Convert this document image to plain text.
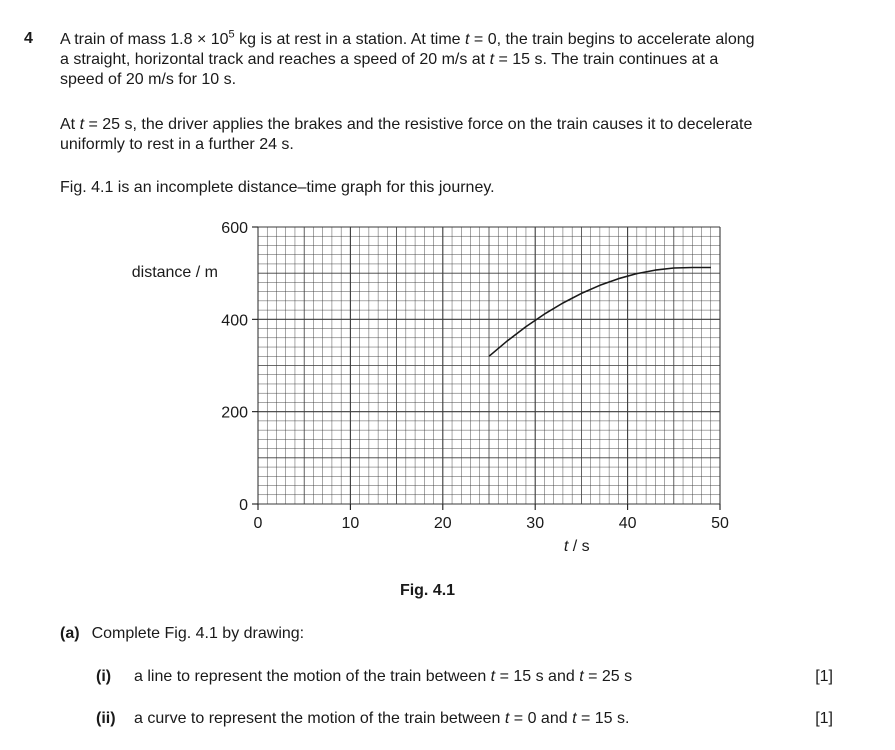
4 A train of mass $1.8 \times 10^5$ kg is at rest in a station. At time t = 0, the train begins to accelerate along

a straight, horizontal track and reaches a speed of 20 m/s at t = 15 s. The train continues at a

speed of 20 m/s for 10 s.

At t = 25 s, the driver applies the brakes and the resistive force on the train causes it to decelerate

uniformly to rest in a further 24 s.

Fig. 4.1 is an incomplete distance–time graph for this journey.
0	10	20	30	40	50
0
200
400
600
distance / m
t / s
Fig. 4.1
(a) Complete Fig. 4.1 by drawing:
(i) a line to represent the motion of the train between t = 15 s and t = 25 s	[1]
(ii) a curve to represent the motion of the train between t = 0 and t = 15 s.	[1]
